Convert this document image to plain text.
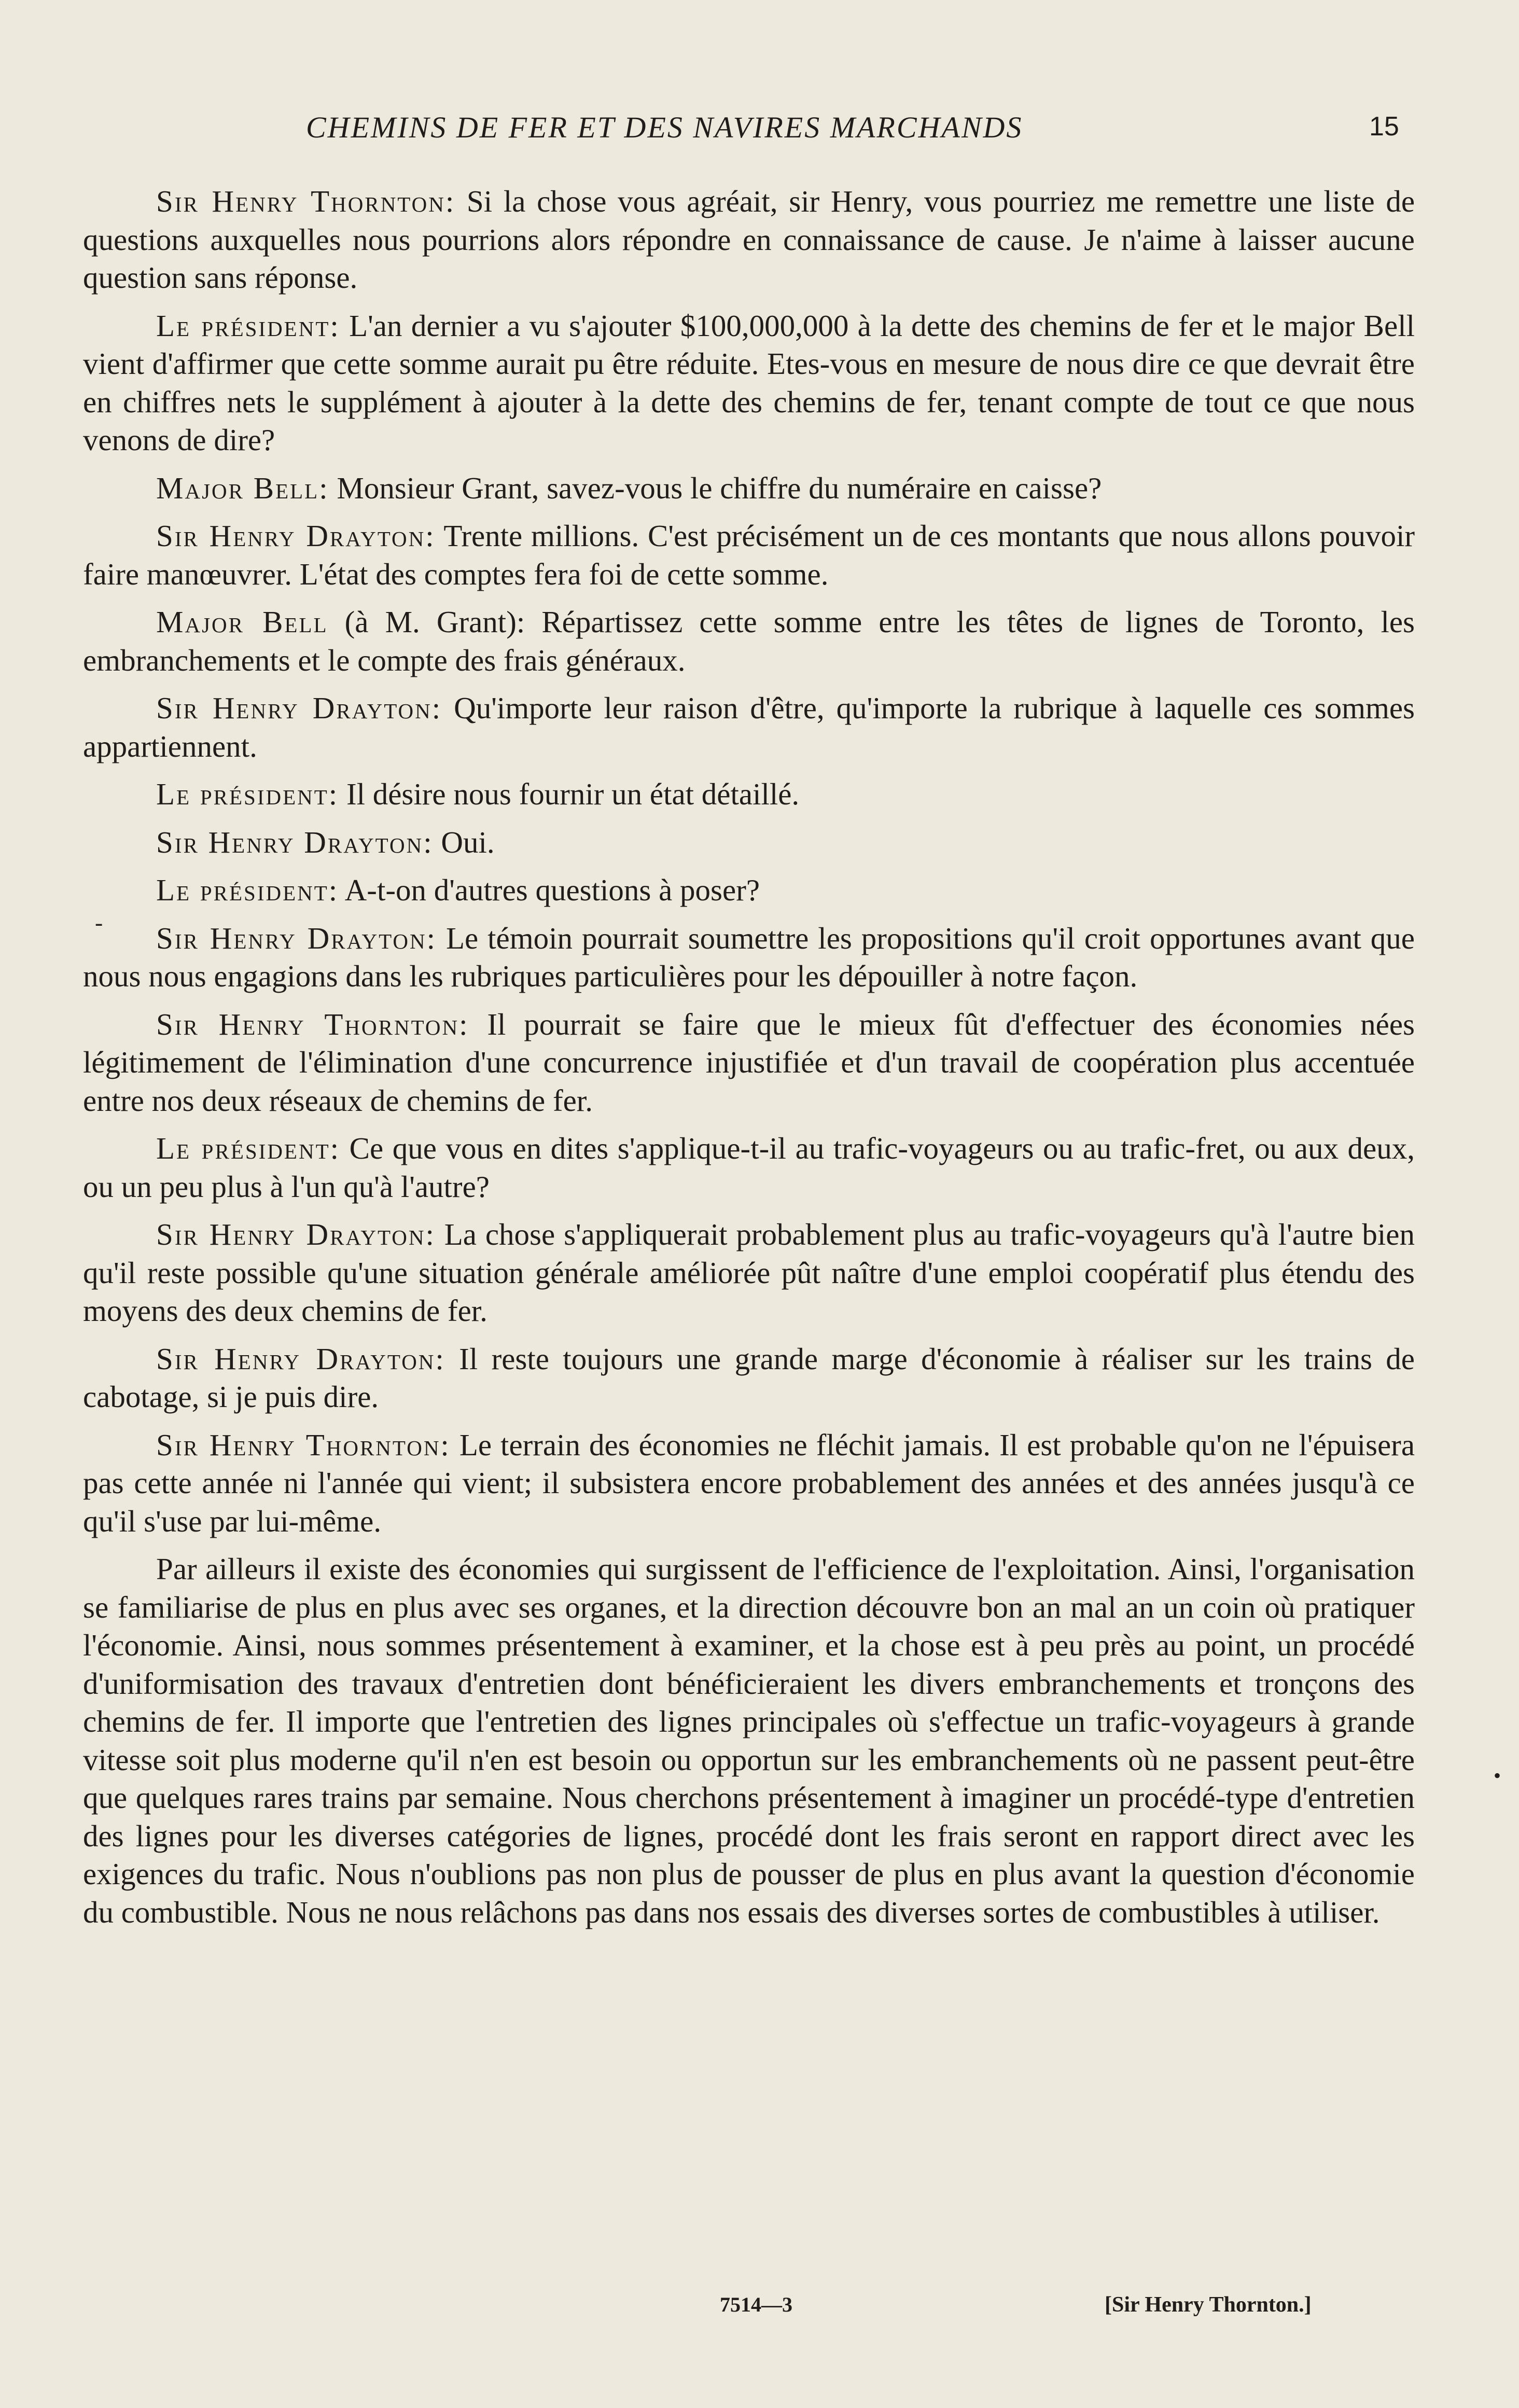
CHEMINS DE FER ET DES NAVIRES MARCHANDS	15

Sir Henry Thornton: Si la chose vous agréait, sir Henry, vous pourriez me remettre une liste de questions auxquelles nous pourrions alors répondre en connaissance de cause. Je n'aime à laisser aucune question sans réponse.

Le président: L'an dernier a vu s'ajouter $100,000,000 à la dette des chemins de fer et le major Bell vient d'affirmer que cette somme aurait pu être réduite. Etes-vous en mesure de nous dire ce que devrait être en chiffres nets le supplément à ajouter à la dette des chemins de fer, tenant compte de tout ce que nous venons de dire?

Major Bell: Monsieur Grant, savez-vous le chiffre du numéraire en caisse?

Sir Henry Drayton: Trente millions. C'est précisément un de ces montants que nous allons pouvoir faire manœuvrer. L'état des comptes fera foi de cette somme.

Major Bell (à M. Grant): Répartissez cette somme entre les têtes de lignes de Toronto, les embranchements et le compte des frais généraux.

Sir Henry Drayton: Qu'importe leur raison d'être, qu'importe la rubrique à laquelle ces sommes appartiennent.

Le président: Il désire nous fournir un état détaillé.

Sir Henry Drayton: Oui.

Le président: A-t-on d'autres questions à poser?

Sir Henry Drayton: Le témoin pourrait soumettre les propositions qu'il croit opportunes avant que nous nous engagions dans les rubriques particulières pour les dépouiller à notre façon.

Sir Henry Thornton: Il pourrait se faire que le mieux fût d'effectuer des économies nées légitimement de l'élimination d'une concurrence injustifiée et d'un travail de coopération plus accentuée entre nos deux réseaux de chemins de fer.

Le président: Ce que vous en dites s'applique-t-il au trafic-voyageurs ou au trafic-fret, ou aux deux, ou un peu plus à l'un qu'à l'autre?

Sir Henry Drayton: La chose s'appliquerait probablement plus au trafic-voyageurs qu'à l'autre bien qu'il reste possible qu'une situation générale améliorée pût naître d'une emploi coopératif plus étendu des moyens des deux chemins de fer.

Sir Henry Drayton: Il reste toujours une grande marge d'économie à réaliser sur les trains de cabotage, si je puis dire.

Sir Henry Thornton: Le terrain des économies ne fléchit jamais. Il est probable qu'on ne l'épuisera pas cette année ni l'année qui vient; il subsistera encore probablement des années et des années jusqu'à ce qu'il s'use par lui-même.

Par ailleurs il existe des économies qui surgissent de l'efficience de l'exploitation. Ainsi, l'organisation se familiarise de plus en plus avec ses organes, et la direction découvre bon an mal an un coin où pratiquer l'économie. Ainsi, nous sommes présentement à examiner, et la chose est à peu près au point, un procédé d'uniformisation des travaux d'entretien dont bénéficieraient les divers embranchements et tronçons des chemins de fer. Il importe que l'entretien des lignes principales où s'effectue un trafic-voyageurs à grande vitesse soit plus moderne qu'il n'en est besoin ou opportun sur les embranchements où ne passent peut-être que quelques rares trains par semaine. Nous cherchons présentement à imaginer un procédé-type d'entretien des lignes pour les diverses catégories de lignes, procédé dont les frais seront en rapport direct avec les exigences du trafic. Nous n'oublions pas non plus de pousser de plus en plus avant la question d'économie du combustible. Nous ne nous relâchons pas dans nos essais des diverses sortes de combustibles à utiliser.

-
•
7514—3	[Sir Henry Thornton.]
